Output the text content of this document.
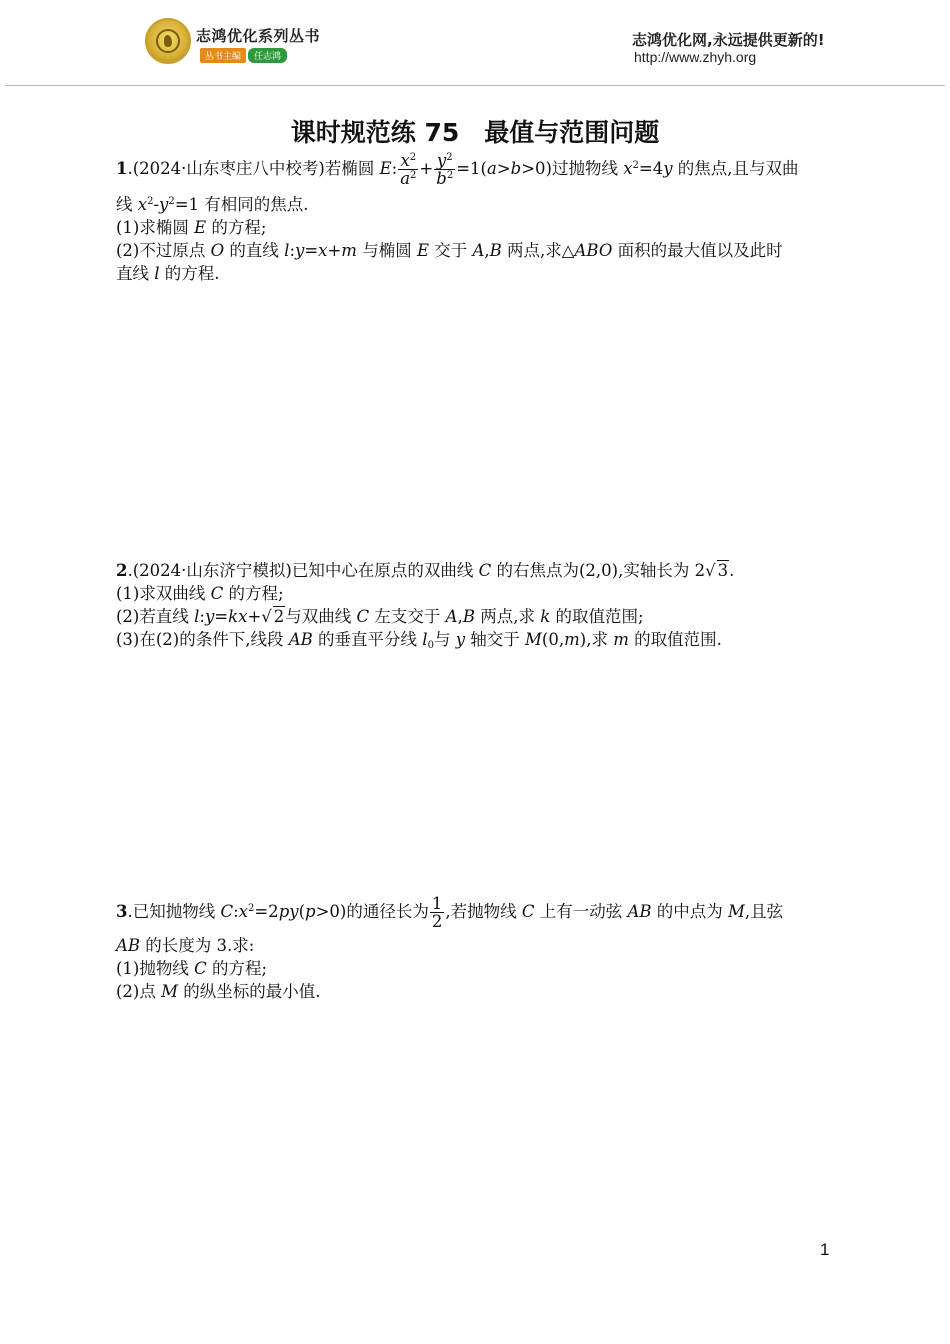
志鸿优化系列丛书
丛书主编	任志鸿
志鸿优化网,永远提供更新的!
http://www.zhyh.org
课时规范练 75　最值与范围问题

1.(2024·山东枣庄八中校考)若椭圆 E: $\frac{x^2}{a^2} + \frac{y^2}{b^2} =1(a>b>0)$过抛物线 $x^2=4y$ 的焦点,且与双曲

线 $x^2-y^2=1$ 有相同的焦点.

(1)求椭圆 E 的方程;

(2)不过原点 O 的直线 l:y=x+m 与椭圆 E 交于 A,B 两点,求△ABO 面积的最大值以及此时

直线 l 的方程.

2.(2024·山东济宁模拟)已知中心在原点的双曲线 C 的右焦点为(2,0),实轴长为 2√ 3.

(1)求双曲线 C 的方程;

(2)若直线 l:y=kx+√ 2与双曲线 C 左支交于 A,B 两点,求 k 的取值范围;

(3)在(2)的条件下,线段 AB 的垂直平分线 $l_0$与 y 轴交于 M(0,m),求 m 的取值范围.

3.已知抛物线 $C:x^2=2py(p>0)$的通径长为 $\frac{1}{2}$ ,若抛物线 C 上有一动弦 AB 的中点为 M,且弦

AB 的长度为 3.求:

(1)抛物线 C 的方程;

(2)点 M 的纵坐标的最小值.

1
